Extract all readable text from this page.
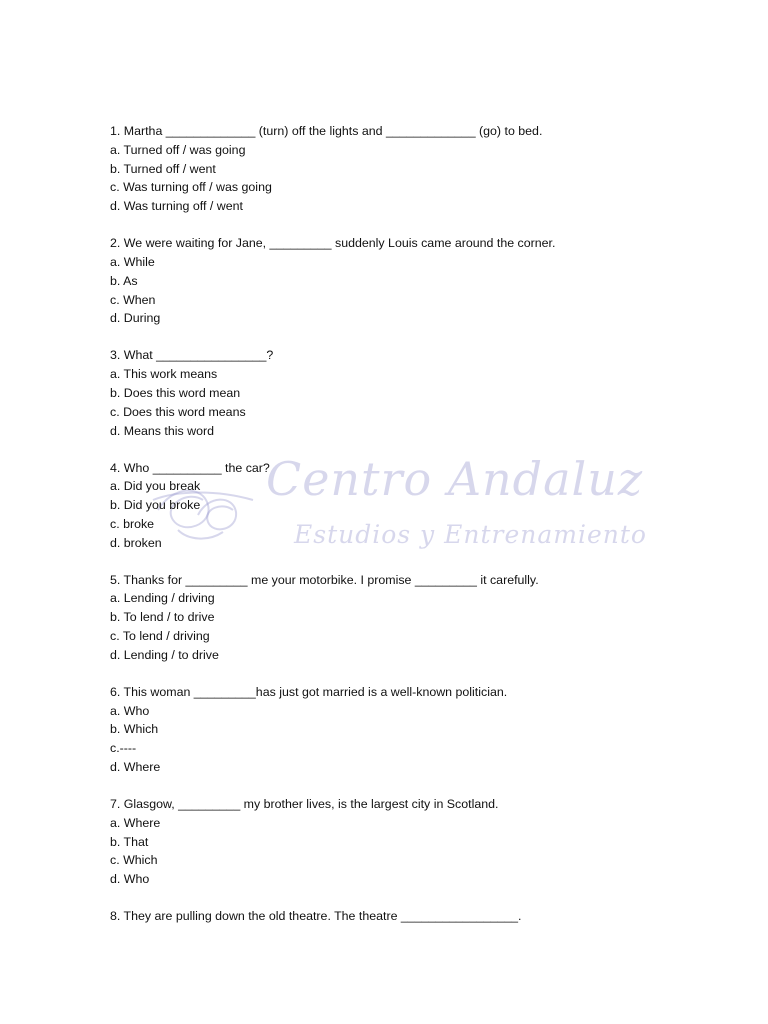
Centro Andaluz
Estudios y Entrenamiento
1. Martha _____________ (turn) off the lights and _____________ (go) to bed.
a. Turned off / was going
b. Turned off / went
c. Was turning off / was going
d. Was turning off / went
2. We were waiting for Jane, _________ suddenly Louis came around the corner.
a. While
b. As
c. When
d. During
3. What ________________?
a. This work means
b. Does this word mean
c. Does this word means
d. Means this word
4. Who __________ the car?
a. Did you break
b. Did you broke
c. broke
d. broken
5. Thanks for _________ me your motorbike. I promise _________ it carefully.
a. Lending / driving
b. To lend / to drive
c. To lend / driving
d. Lending / to drive
6. This woman _________has just got married is a well-known politician.
a. Who
b. Which
c.----
d. Where
7. Glasgow, _________ my brother lives, is the largest city in Scotland.
a. Where
b. That
c. Which
d. Who
8. They are pulling down the old theatre. The theatre _________________.
